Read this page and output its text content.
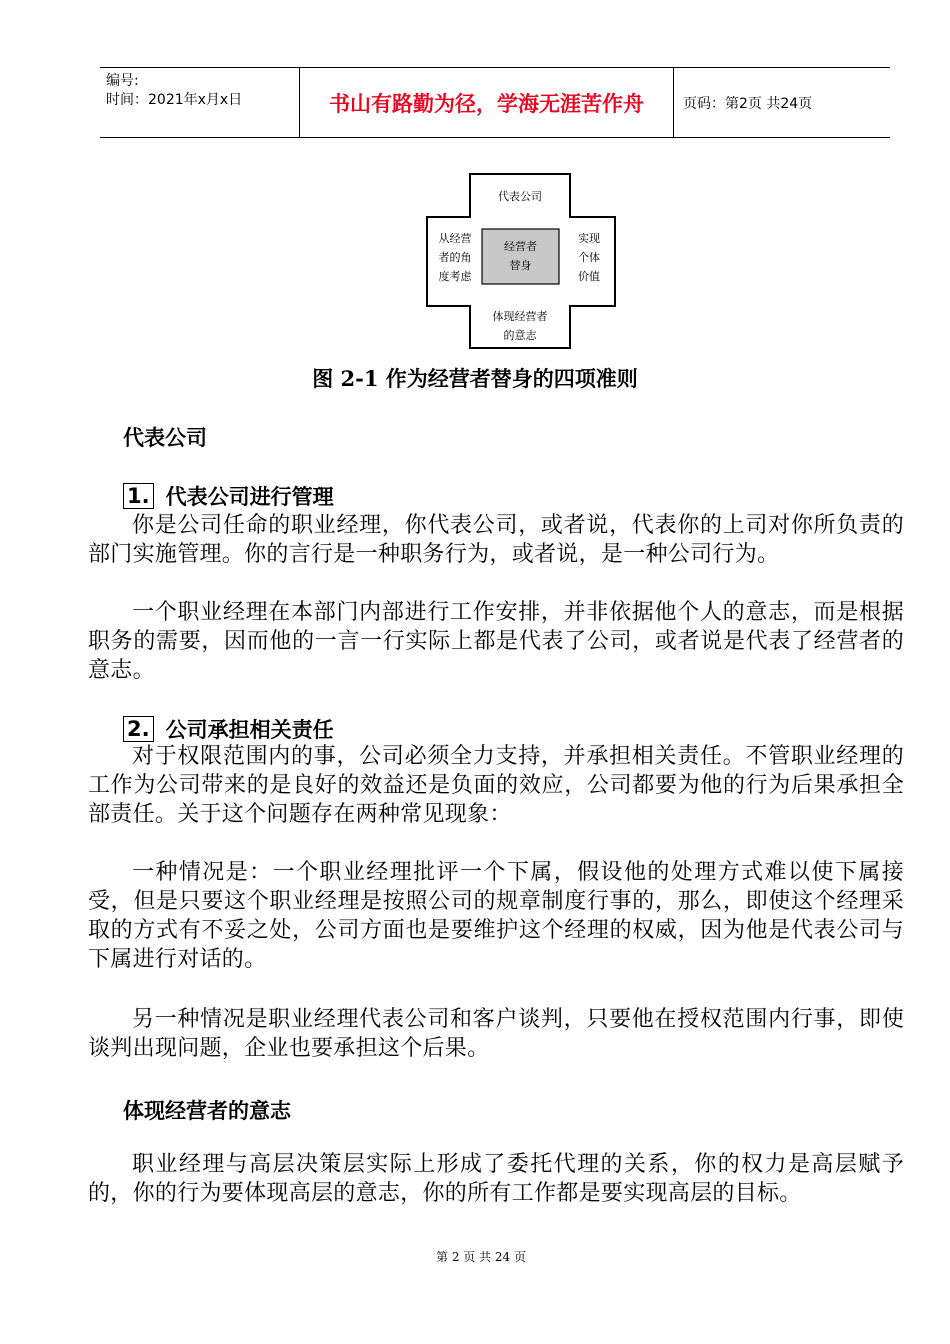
编号:
时间：2021年x月x日	书山有路勤为径，学海无涯苦作舟	页码：第2页 共24页
代表公司
从经营
者的角
度考虑
经营者
替身
实现
个体
价值
体现经营者
的意志
图 2-1 作为经营者替身的四项准则
代表公司
1. 代表公司进行管理
你是公司任命的职业经理，你代表公司，或者说，代表你的上司对你所负责的部门实施管理。你的言行是一种职务行为，或者说，是一种公司行为。
一个职业经理在本部门内部进行工作安排，并非依据他个人的意志，而是根据职务的需要，因而他的一言一行实际上都是代表了公司，或者说是代表了经营者的意志。
2. 公司承担相关责任
对于权限范围内的事，公司必须全力支持，并承担相关责任。不管职业经理的工作为公司带来的是良好的效益还是负面的效应，公司都要为他的行为后果承担全部责任。关于这个问题存在两种常见现象：
一种情况是：一个职业经理批评一个下属，假设他的处理方式难以使下属接受，但是只要这个职业经理是按照公司的规章制度行事的，那么，即使这个经理采取的方式有不妥之处，公司方面也是要维护这个经理的权威，因为他是代表公司与下属进行对话的。
另一种情况是职业经理代表公司和客户谈判，只要他在授权范围内行事，即使谈判出现问题，企业也要承担这个后果。
体现经营者的意志
职业经理与高层决策层实际上形成了委托代理的关系，你的权力是高层赋予的，你的行为要体现高层的意志，你的所有工作都是要实现高层的目标。
第 2 页 共 24 页
